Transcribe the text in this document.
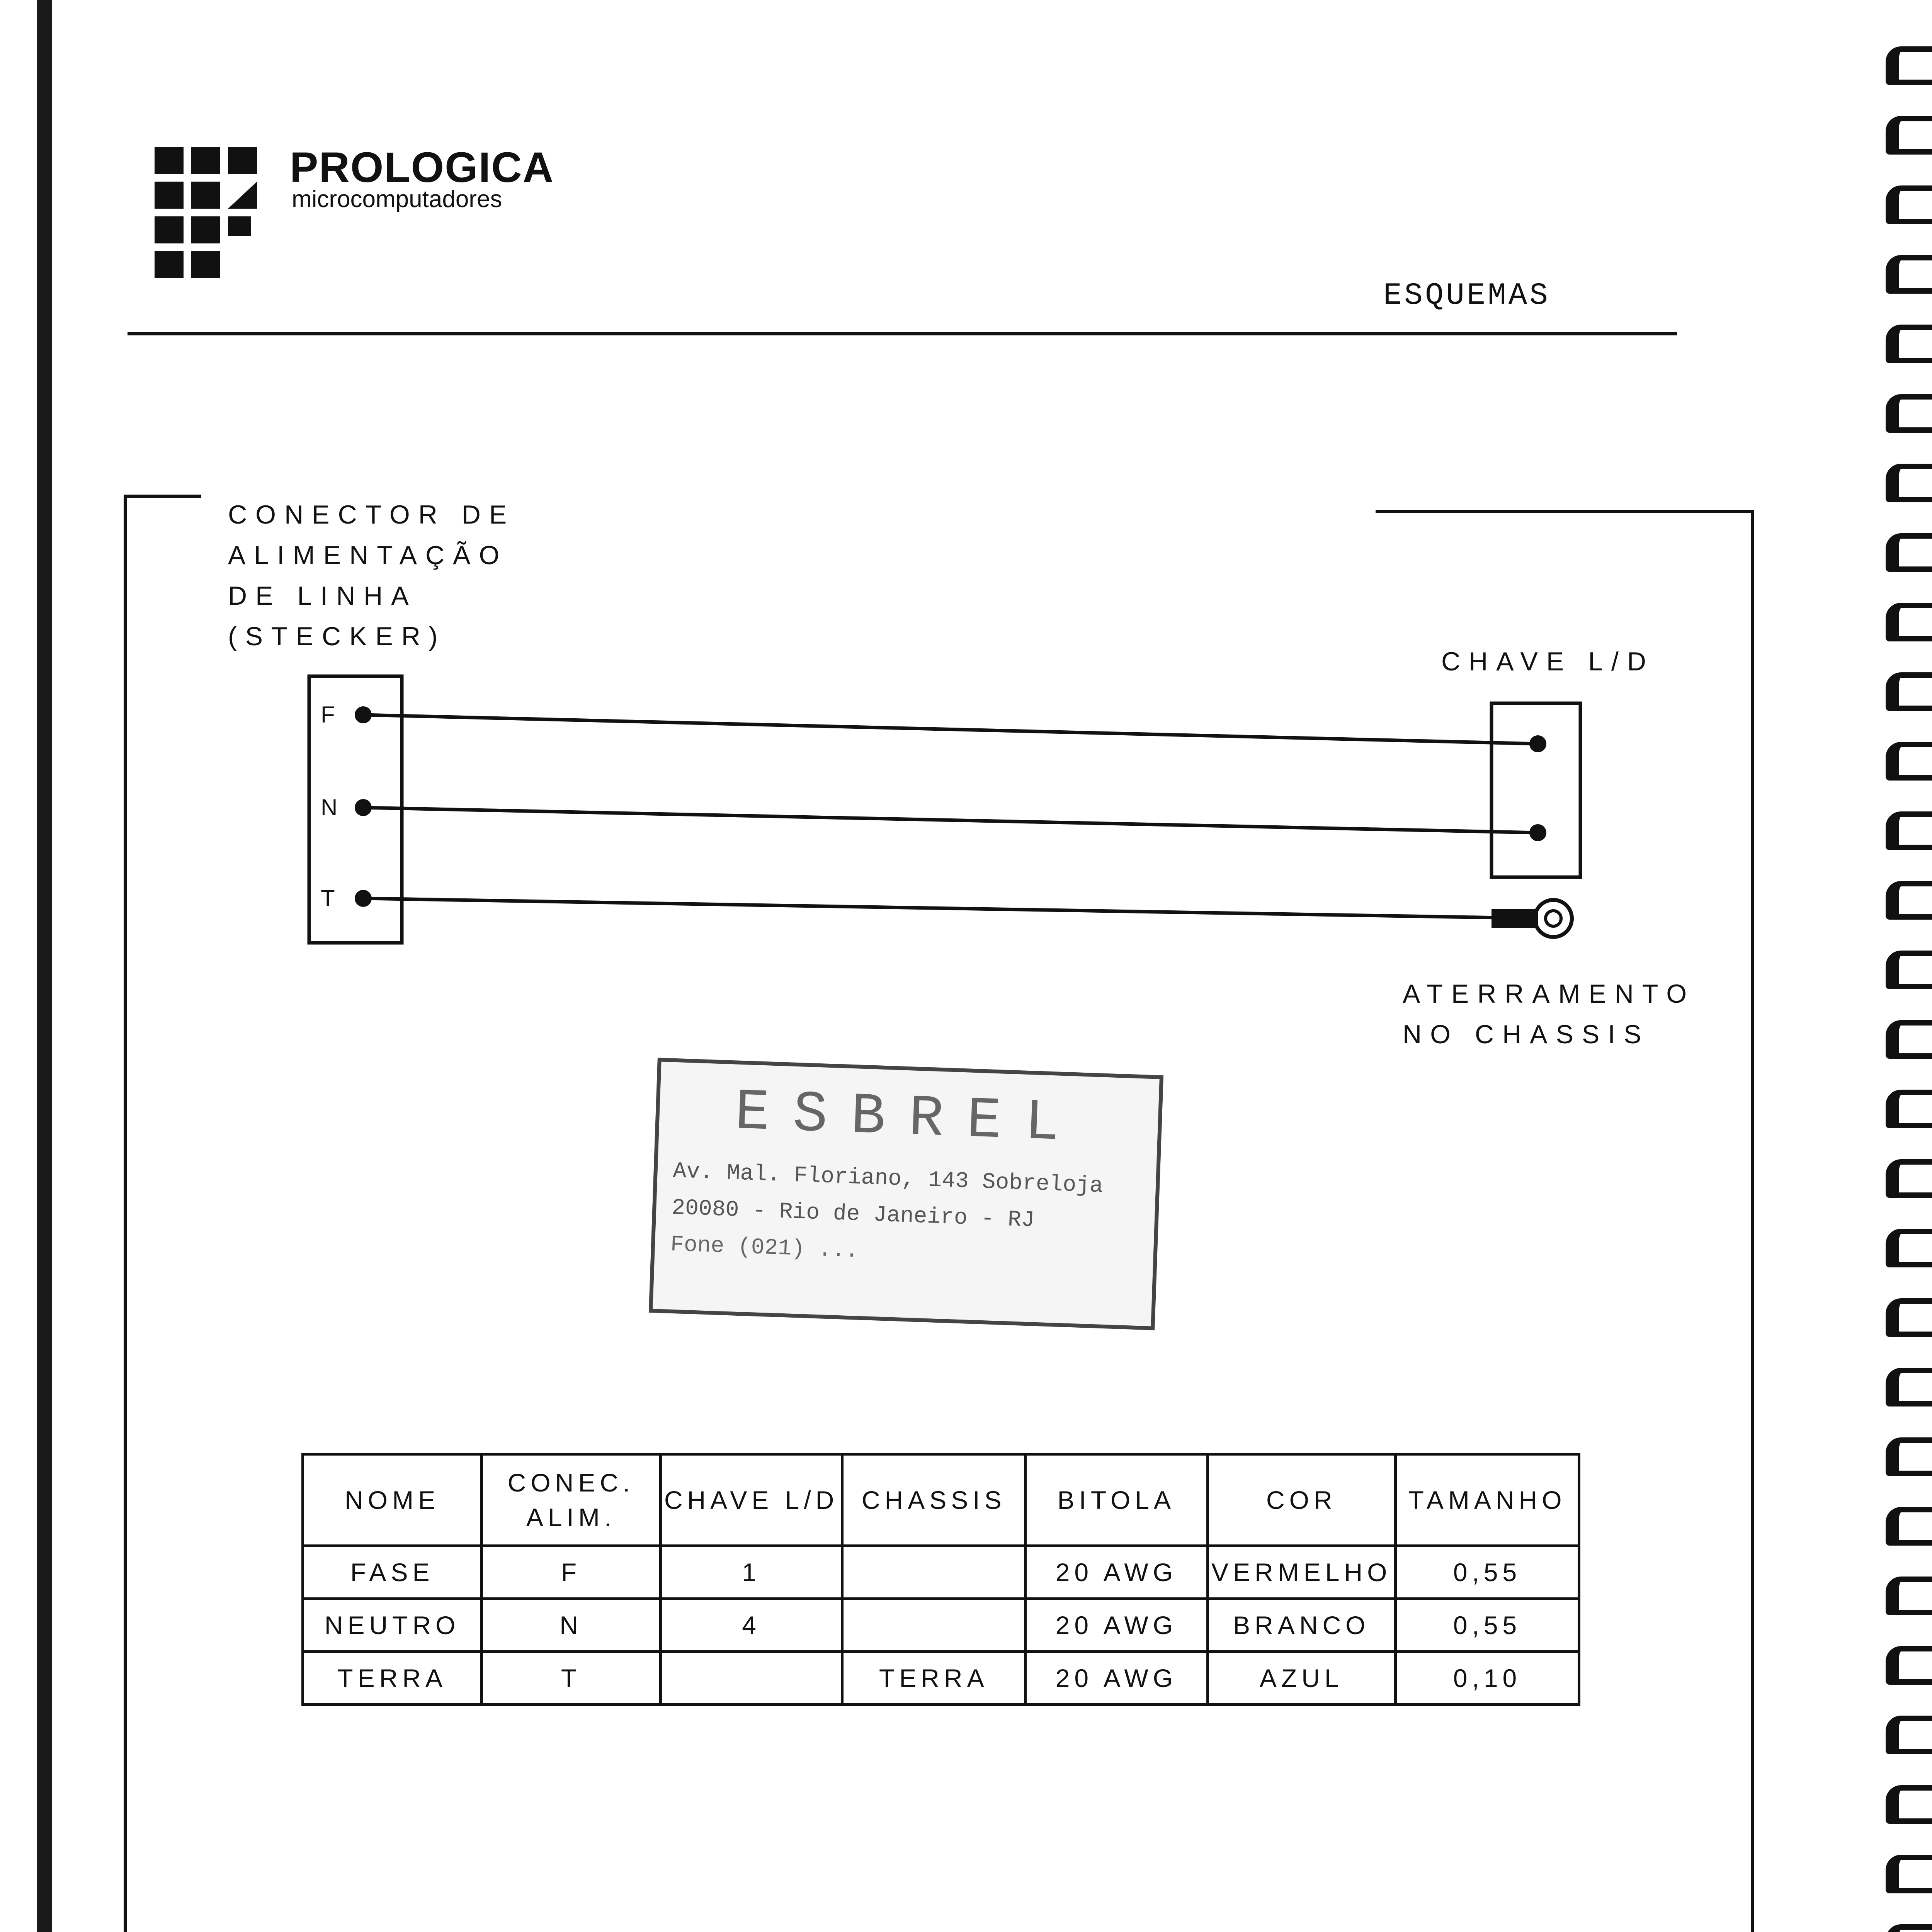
PROLOGICA
microcomputadores
ESQUEMAS
CONECTOR DE
ALIMENTAÇÃO
DE LINHA
(STECKER)
CHAVE L/D
F
N
T
ATERRAMENTO
NO CHASSIS
ESBREL
Av. Mal. Floriano, 143 Sobreloja
20080 - Rio de Janeiro - RJ
Fone (021) ...
NOME	CONEC. ALIM.	CHAVE L/D	CHASSIS	BITOLA	COR	TAMANHO
FASE	F	1		20 AWG	VERMELHO	0,55
NEUTRO	N	4		20 AWG	BRANCO	0,55
TERRA	T		TERRA	20 AWG	AZUL	0,10
